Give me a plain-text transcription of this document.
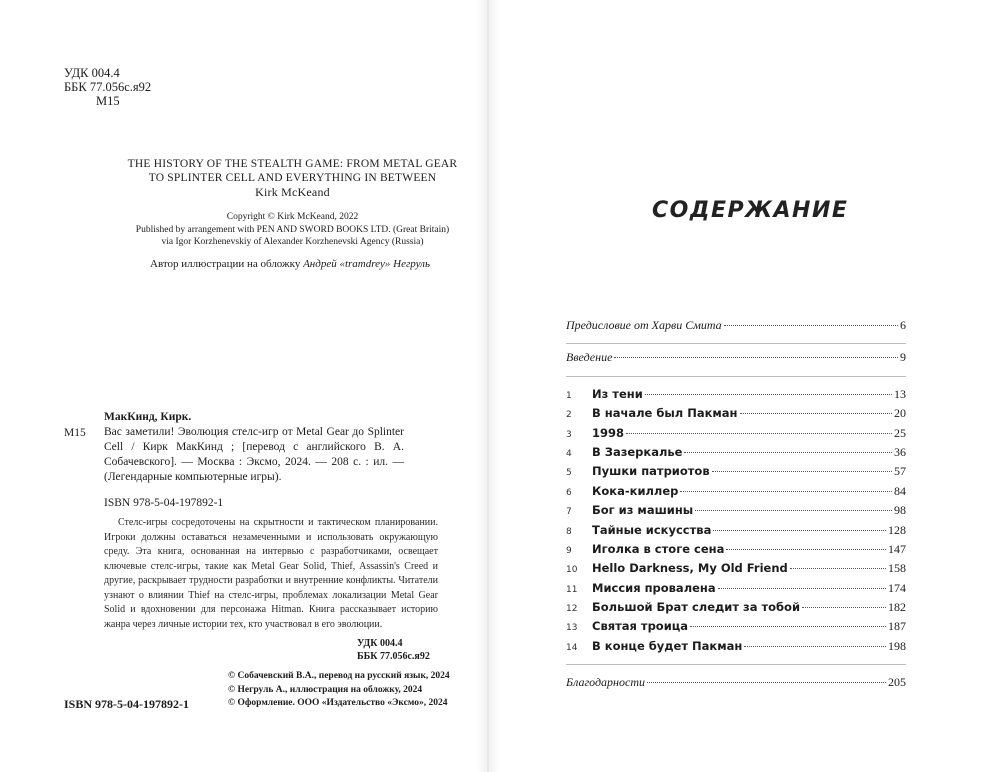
УДК 004.4
ББК 77.056с.я92
М15
THE HISTORY OF THE STEALTH GAME: FROM METAL GEAR
TO SPLINTER CELL AND EVERYTHING IN BETWEEN
Kirk McKeand
Copyright © Kirk McKeand, 2022
Published by arrangement with PEN AND SWORD BOOKS LTD. (Great Britain)
via Igor Korzhenevskiy of Alexander Korzhenevski Agency (Russia)
Автор иллюстрации на обложку Андрей «tramdrey» Негруль
МакКинд, Кирк.
М15	Вас заметили! Эволюция стелс-игр от Metal Gear до Splinter Cell / Кирк МакКинд ; [перевод с английского В. А. Собачевского]. — Москва : Эксмо, 2024. — 208 с. : ил. — (Легендарные компьютерные игры).
ISBN 978-5-04-197892-1
Стелс-игры сосредоточены на скрытности и тактическом планировании. Игроки должны оставаться незамеченными и использовать окружающую среду. Эта книга, основанная на интервью с разработчиками, освещает ключевые стелс-игры, такие как Metal Gear Solid, Thief, Assassin's Creed и другие, раскрывает трудности разработки и внутренние конфликты. Читатели узнают о влиянии Thief на стелс-игры, проблемах локализации Metal Gear Solid и вдохновении для персонажа Hitman. Книга рассказывает историю жанра через личные истории тех, кто участвовал в его эволюции.
УДК 004.4
ББК 77.056с.я92
© Собачевский В.А., перевод на русский язык, 2024
© Негруль А., иллюстрация на обложку, 2024
© Оформление. ООО «Издательство «Эксмо», 2024
ISBN 978-5-04-197892-1
СОДЕРЖАНИЕ
Предисловие от Харви Смита	6
Введение	9
1	Из тени	13
2	В начале был Пакман	20
3	1998	25
4	В Зазеркалье	36
5	Пушки патриотов	57
6	Кока-киллер	84
7	Бог из машины	98
8	Тайные искусства	128
9	Иголка в стоге сена	147
10	Hello Darkness, My Old Friend	158
11	Миссия провалена	174
12	Большой Брат следит за тобой	182
13	Святая троица	187
14	В конце будет Пакман	198
Благодарности	205
